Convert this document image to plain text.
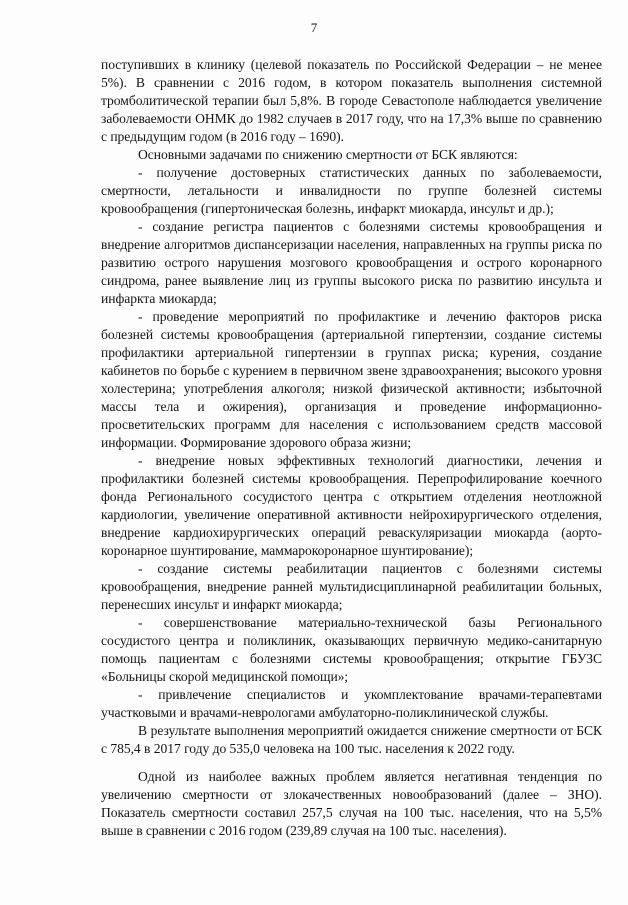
7

поступивших в клинику (целевой показатель по Российской Федерации – не менее 5%). В сравнении с 2016 годом, в котором показатель выполнения системной тромболитической терапии был 5,8%. В городе Севастополе наблюдается увеличение заболеваемости ОНМК до 1982 случаев в 2017 году, что на 17,3% выше по сравнению с предыдущим годом (в 2016 году – 1690).

Основными задачами по снижению смертности от БСК являются:

- получение достоверных статистических данных по заболеваемости, смертности, летальности и инвалидности по группе болезней системы кровообращения (гипертоническая болезнь, инфаркт миокарда, инсульт и др.);

- создание регистра пациентов с болезнями системы кровообращения и внедрение алгоритмов диспансеризации населения, направленных на группы риска по развитию острого нарушения мозгового кровообращения и острого коронарного синдрома, ранее выявление лиц из группы высокого риска по развитию инсульта и инфаркта миокарда;

- проведение мероприятий по профилактике и лечению факторов риска болезней системы кровообращения (артериальной гипертензии, создание системы профилактики артериальной гипертензии в группах риска; курения, создание кабинетов по борьбе с курением в первичном звене здравоохранения; высокого уровня холестерина; употребления алкоголя; низкой физической активности; избыточной массы тела и ожирения), организация и проведение информационно-просветительских программ для населения с использованием средств массовой информации. Формирование здорового образа жизни;

- внедрение новых эффективных технологий диагностики, лечения и профилактики болезней системы кровообращения. Перепрофилирование коечного фонда Регионального сосудистого центра с открытием отделения неотложной кардиологии, увеличение оперативной активности нейрохирургического отделения, внедрение кардиохирургических операций реваскуляризации миокарда (аорто-коронарное шунтирование, маммарокоронарное шунтирование);

- создание системы реабилитации пациентов с болезнями системы кровообращения, внедрение ранней мультидисциплинарной реабилитации больных, перенесших инсульт и инфаркт миокарда;

- совершенствование материально-технической базы Регионального сосудистого центра и поликлиник, оказывающих первичную медико-санитарную помощь пациентам с болезнями системы кровообращения; открытие ГБУЗС «Больницы скорой медицинской помощи»;

- привлечение специалистов и укомплектование врачами-терапевтами участковыми и врачами-неврологами амбулаторно-поликлинической службы.

В результате выполнения мероприятий ожидается снижение смертности от БСК с 785,4 в 2017 году до 535,0 человека на 100 тыс. населения к 2022 году.

Одной из наиболее важных проблем является негативная тенденция по увеличению смертности от злокачественных новообразований (далее – ЗНО). Показатель смертности составил 257,5 случая на 100 тыс. населения, что на 5,5% выше в сравнении с 2016 годом (239,89 случая на 100 тыс. населения).
